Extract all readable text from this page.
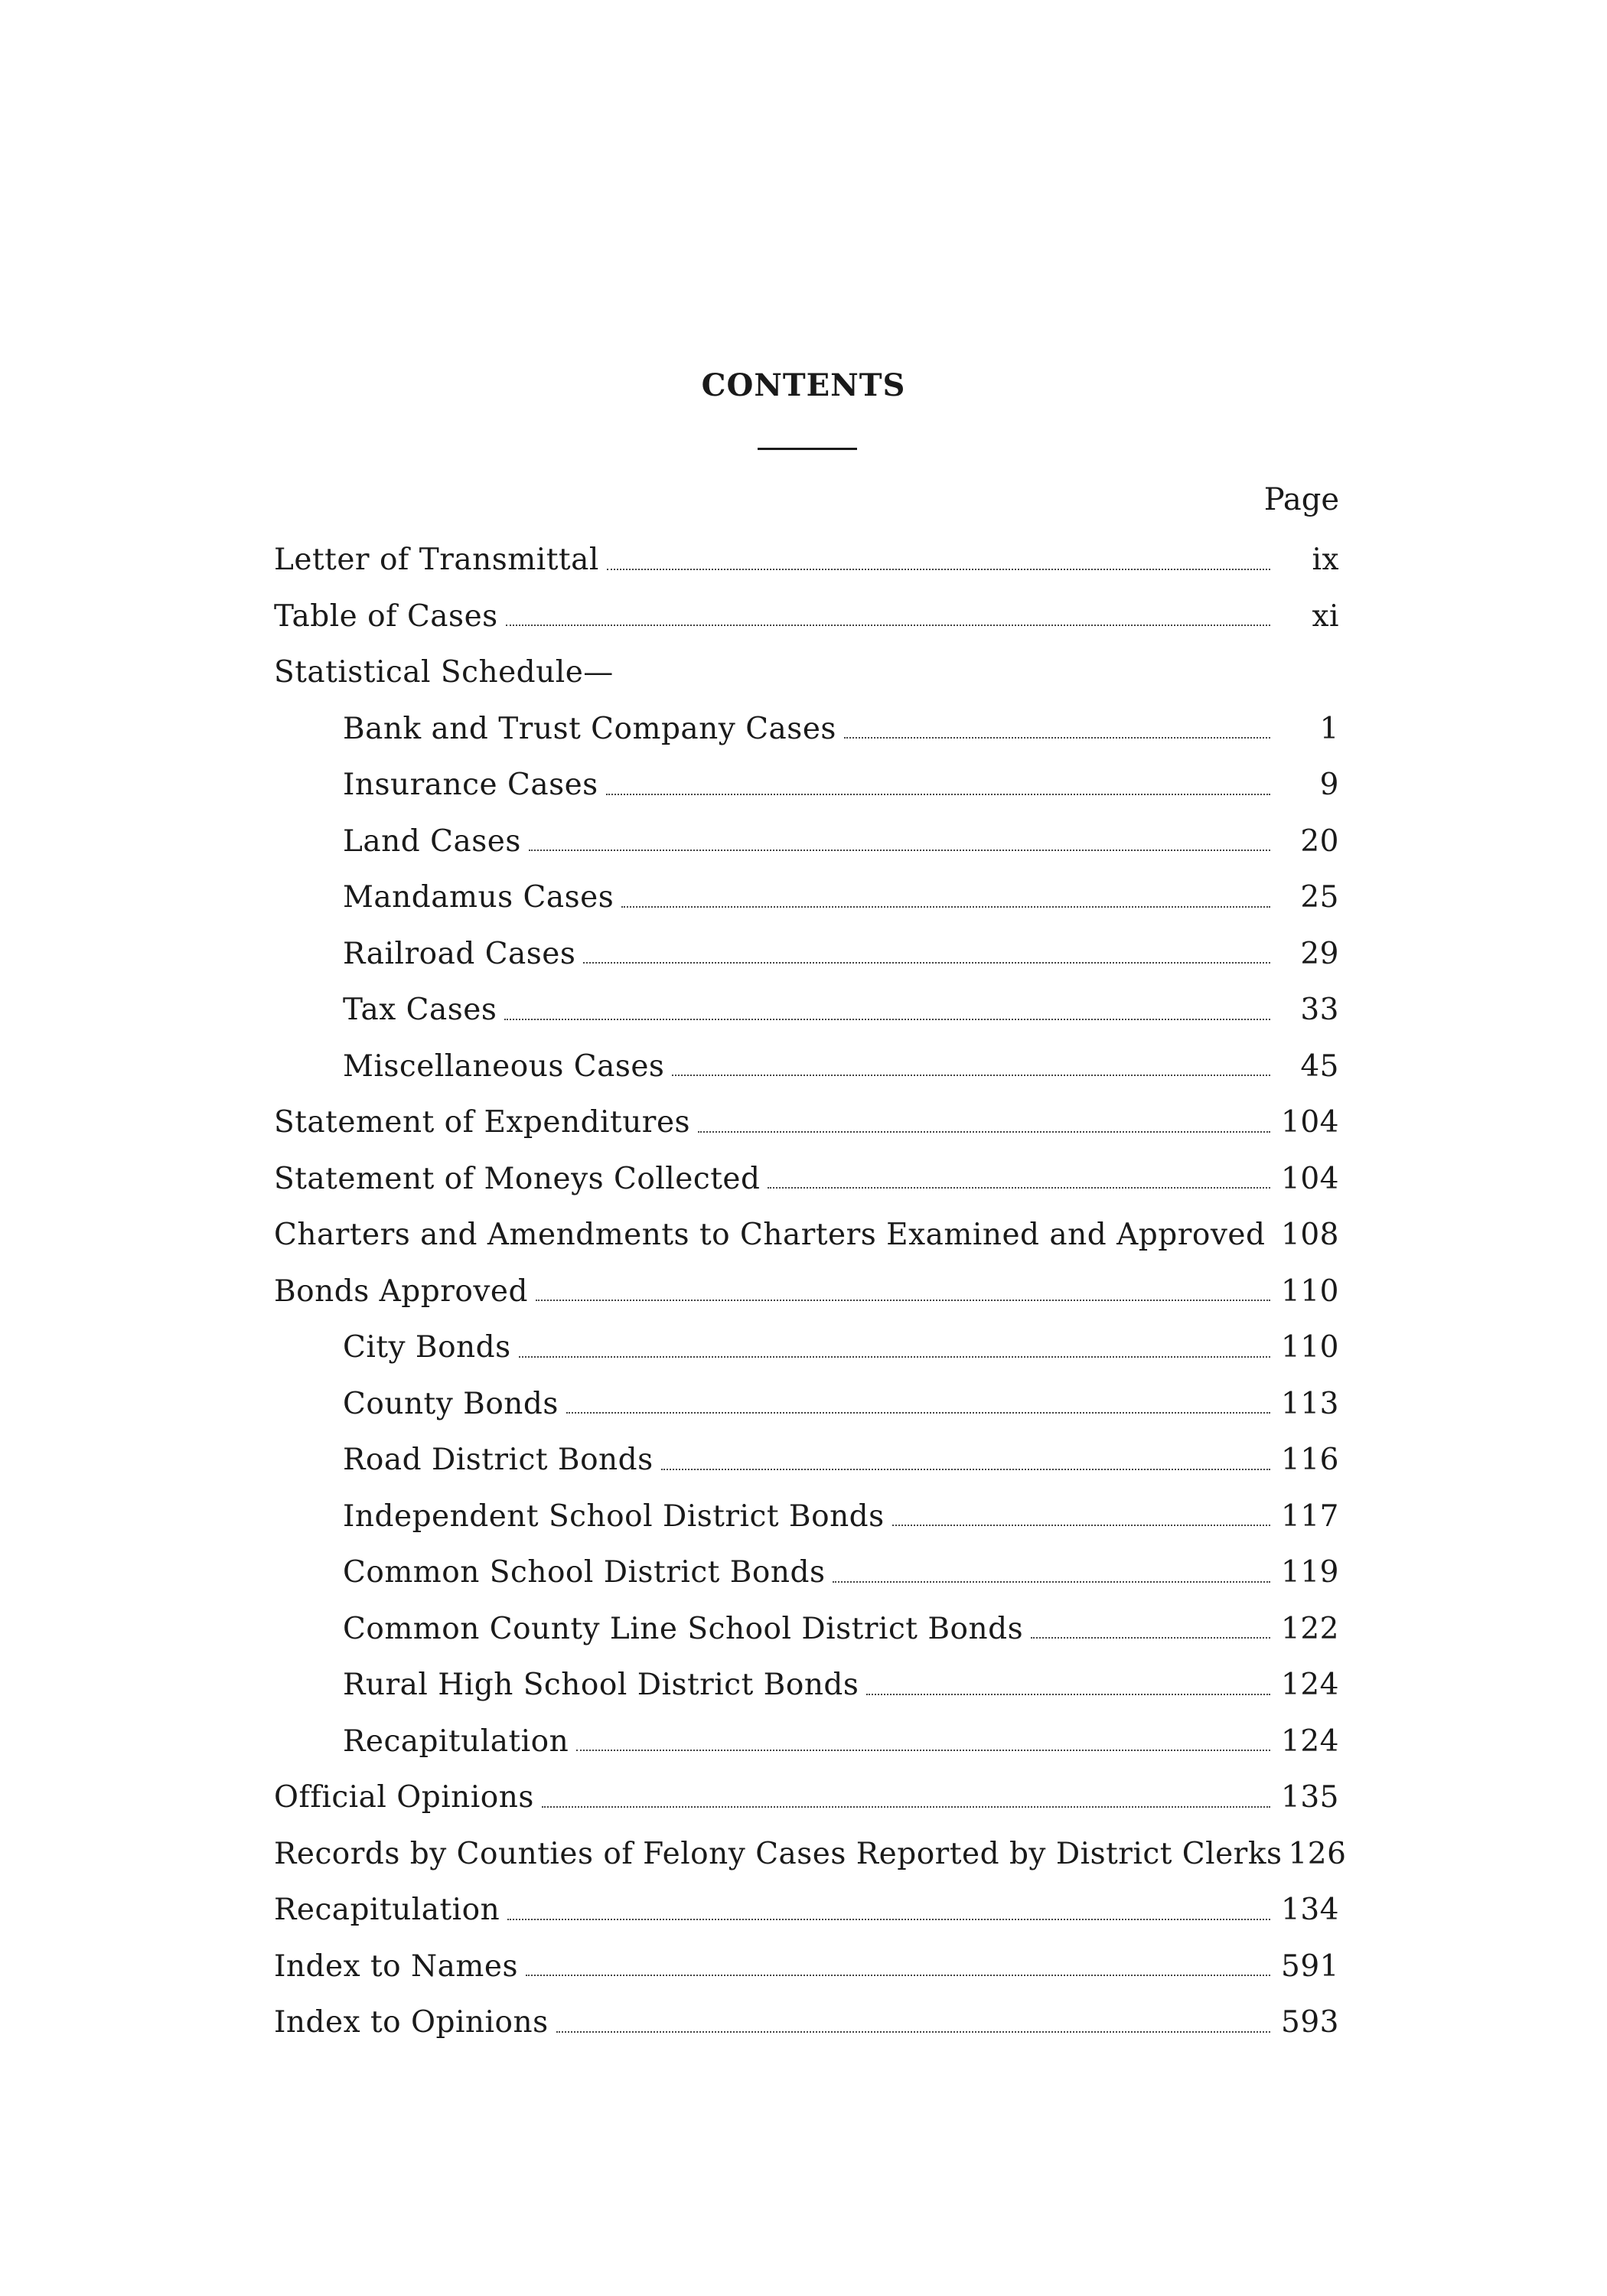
CONTENTS
Page
Letter of Transmittal	ix
Table of Cases	xi
Statistical Schedule—
Bank and Trust Company Cases	1
Insurance Cases	9
Land Cases	20
Mandamus Cases	25
Railroad Cases	29
Tax Cases	33
Miscellaneous Cases	45
Statement of Expenditures	104
Statement of Moneys Collected	104
Charters and Amendments to Charters Examined and Approved 108
Bonds Approved	110
City Bonds	110
County Bonds	113
Road District Bonds	116
Independent School District Bonds	117
Common School District Bonds	119
Common County Line School District Bonds	122
Rural High School District Bonds	124
Recapitulation	124
Official Opinions	135
Records by Counties of Felony Cases Reported by District Clerks 126
Recapitulation	134
Index to Names	591
Index to Opinions	593
